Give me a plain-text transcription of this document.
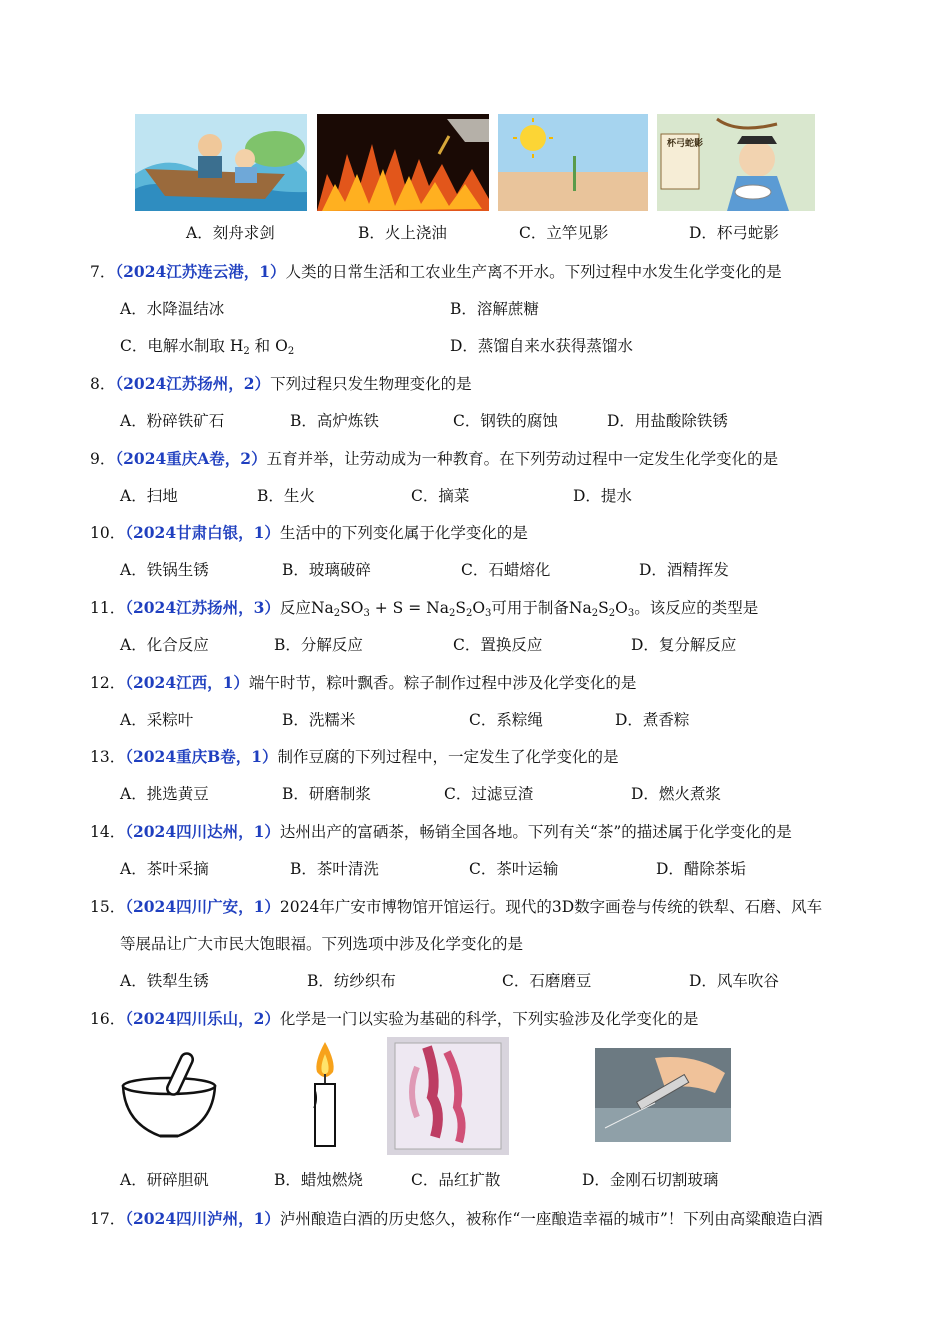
杯弓蛇影
A．刻舟求剑	B．火上浇油	C．立竿见影	D．杯弓蛇影
7．（2024江苏连云港，1）人类的日常生活和工农业生产离不开水。下列过程中水发生化学变化的是
A．水降温结冰	B．溶解蔗糖
C．电解水制取 $H_2$ 和 $O_2$	D．蒸馏自来水获得蒸馏水
8．（2024江苏扬州，2）下列过程只发生物理变化的是
A．粉碎铁矿石	B．高炉炼铁	C．钢铁的腐蚀	D．用盐酸除铁锈
9．（2024重庆A卷，2）五育并举，让劳动成为一种教育。在下列劳动过程中一定发生化学变化的是
A．扫地	B．生火	C．摘菜	D．提水
10．（2024甘肃白银，1）生活中的下列变化属于化学变化的是
A．铁锅生锈	B．玻璃破碎	C．石蜡熔化	D．酒精挥发
11．（2024江苏扬州，3）反应$Na_2SO_3 + S = Na_2S_2O_3$可用于制备$Na_2S_2O_3$。该反应的类型是
A．化合反应	B．分解反应	C．置换反应	D．复分解反应
12．（2024江西，1）端午时节，粽叶飘香。粽子制作过程中涉及化学变化的是
A．采粽叶	B．洗糯米	C．系粽绳	D．煮香粽
13．（2024重庆B卷，1）制作豆腐的下列过程中，一定发生了化学变化的是
A．挑选黄豆	B．研磨制浆	C．过滤豆渣	D．燃火煮浆
14．（2024四川达州，1）达州出产的富硒茶，畅销全国各地。下列有关“茶”的描述属于化学变化的是
A．茶叶采摘	B．茶叶清洗	C．茶叶运输	D．醋除茶垢
15．（2024四川广安，1）2024年广安市博物馆开馆运行。现代的3D数字画卷与传统的铁犁、石磨、风车
等展品让广大市民大饱眼福。下列选项中涉及化学变化的是
A．铁犁生锈	B．纺纱织布	C．石磨磨豆	D．风车吹谷
16．（2024四川乐山，2）化学是一门以实验为基础的科学，下列实验涉及化学变化的是
A．研碎胆矾	B．蜡烛燃烧	C．品红扩散	D．金刚石切割玻璃
17．（2024四川泸州，1）泸州酿造白酒的历史悠久，被称作“一座酿造幸福的城市”！下列由高粱酿造白酒
